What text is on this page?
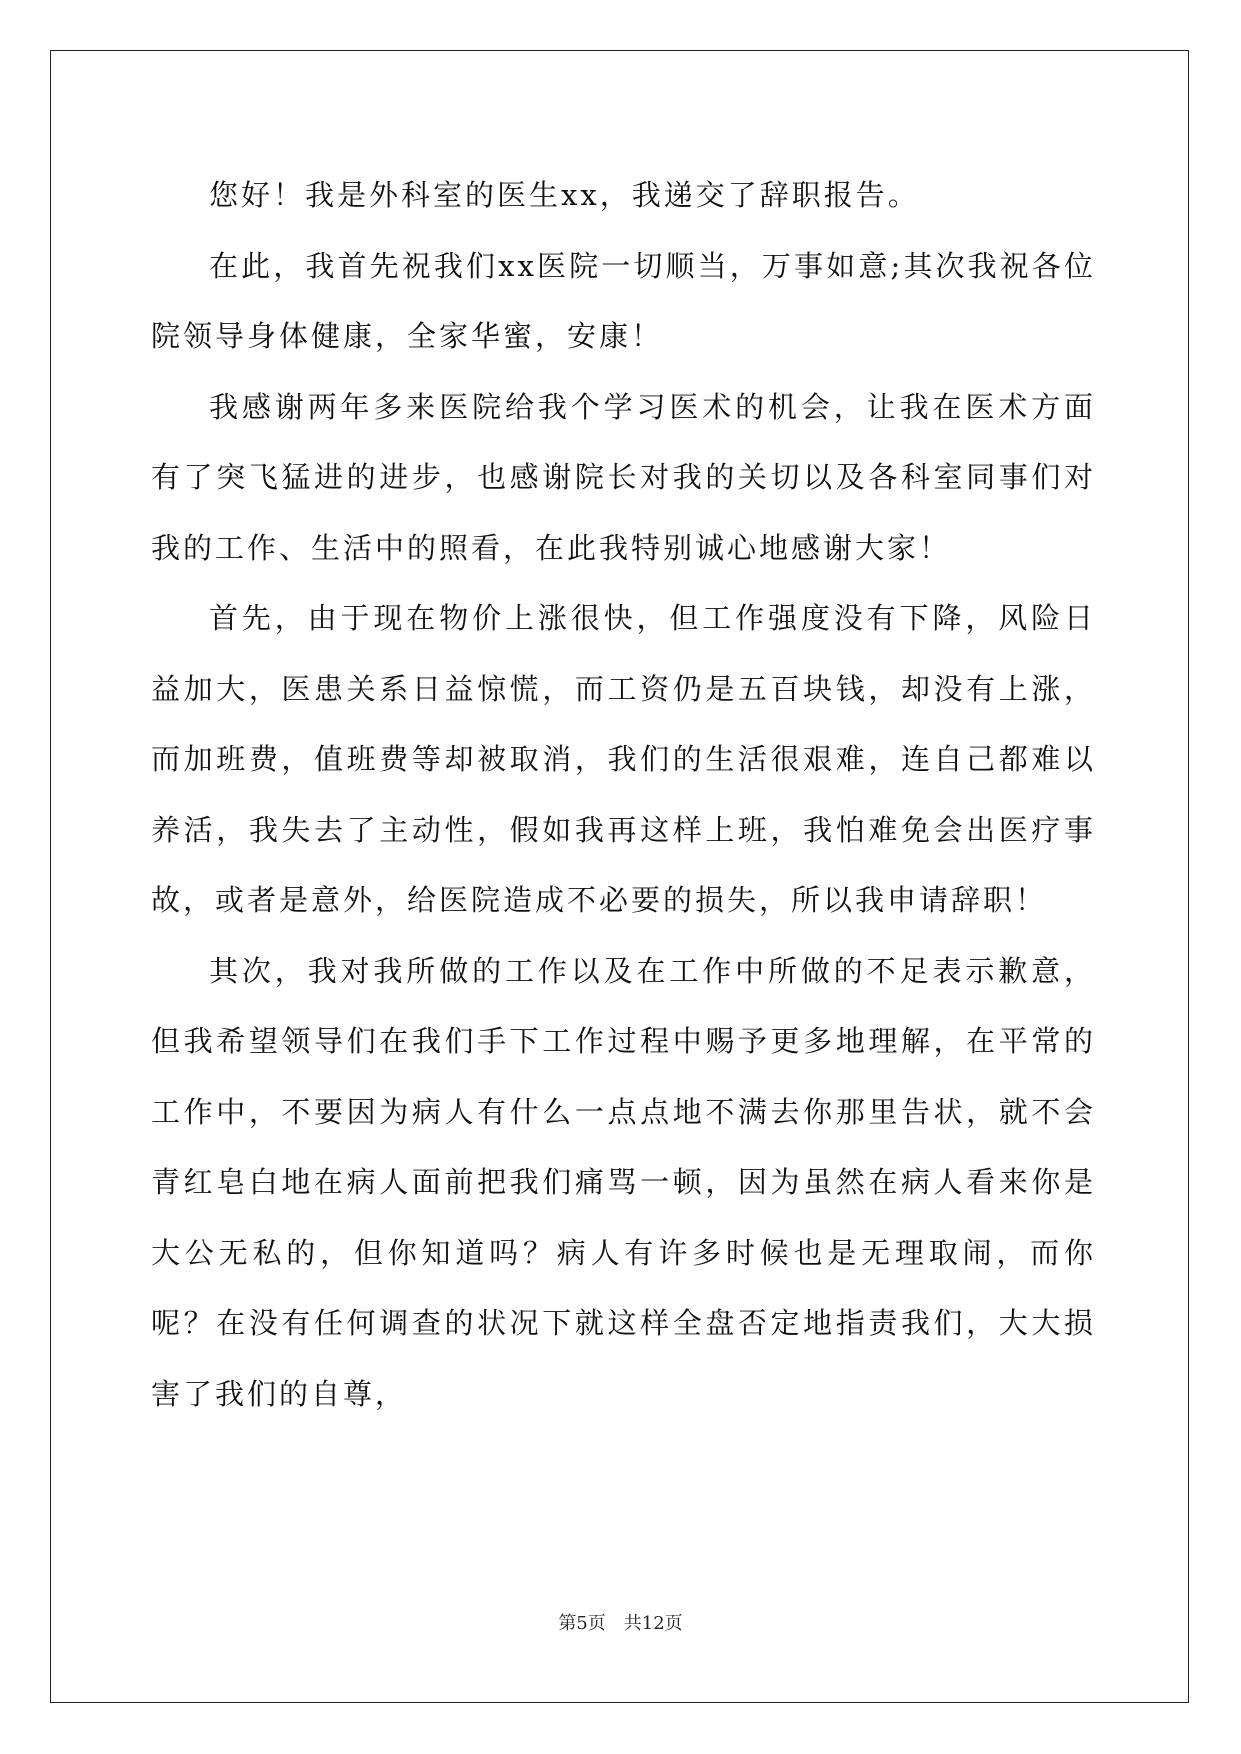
您好！我是外科室的医生xx，我递交了辞职报告。

在此，我首先祝我们xx医院一切顺当，万事如意;其次我祝各位院领导身体健康，全家华蜜，安康！

我感谢两年多来医院给我个学习医术的机会，让我在医术方面有了突飞猛进的进步，也感谢院长对我的关切以及各科室同事们对我的工作、生活中的照看，在此我特别诚心地感谢大家！

首先，由于现在物价上涨很快，但工作强度没有下降，风险日益加大，医患关系日益惊慌，而工资仍是五百块钱，却没有上涨，而加班费，值班费等却被取消，我们的生活很艰难，连自己都难以养活，我失去了主动性，假如我再这样上班，我怕难免会出医疗事故，或者是意外，给医院造成不必要的损失，所以我申请辞职！

其次，我对我所做的工作以及在工作中所做的不足表示歉意，但我希望领导们在我们手下工作过程中赐予更多地理解，在平常的工作中，不要因为病人有什么一点点地不满去你那里告状，就不会青红皂白地在病人面前把我们痛骂一顿，因为虽然在病人看来你是大公无私的，但你知道吗？病人有许多时候也是无理取闹，而你呢？在没有任何调查的状况下就这样全盘否定地指责我们，大大损害了我们的自尊，

第5页 共12页
